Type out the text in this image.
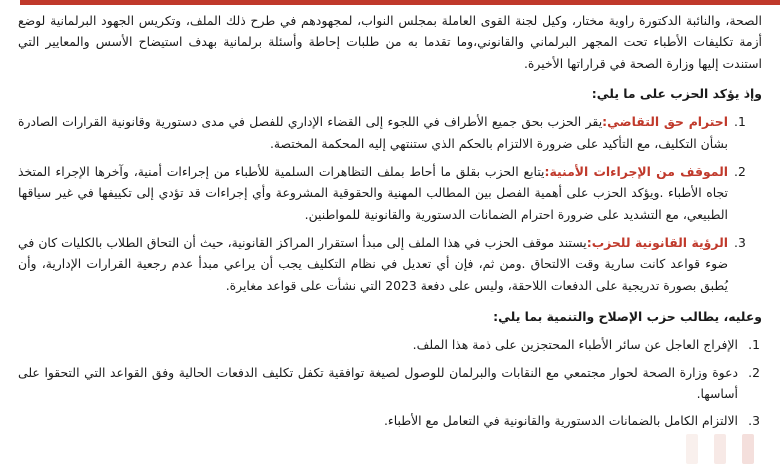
الصحة، والنائبة الدكتورة راوية مختار، وكيل لجنة القوى العاملة بمجلس النواب، لمجهودهم في طرح ذلك الملف، وتكريس الجهود البرلمانية لوضع أزمة تكليفات الأطباء تحت المجهر البرلماني والقانوني،وما تقدما به من طلبات إحاطة وأسئلة برلمانية بهدف استيضاح الأسس والمعايير التي استندت إليها وزارة الصحة في قراراتها الأخيرة.

وإذ يؤكد الحزب على ما يلي:

1.
احترام حق التقاضي:يقر الحزب بحق جميع الأطراف في اللجوء إلى القضاء الإداري للفصل في مدى دستورية وقانونية القرارات الصادرة بشأن التكليف، مع التأكيد على ضرورة الالتزام بالحكم الذي ستنتهي إليه المحكمة المختصة.
2.
الموقف من الإجراءات الأمنية:يتابع الحزب بقلق ما أحاط بملف التظاهرات السلمية للأطباء من إجراءات أمنية، وآخرها الإجراء المتخذ تجاه الأطباء .ويؤكد الحزب على أهمية الفصل بين المطالب المهنية والحقوقية المشروعة وأي إجراءات قد تؤدي إلى تكييفها في غير سياقها الطبيعي، مع التشديد على ضرورة احترام الضمانات الدستورية والقانونية للمواطنين.
3.
الرؤية القانونية للحزب:يستند موقف الحزب في هذا الملف إلى مبدأ استقرار المراكز القانونية، حيث أن التحاق الطلاب بالكليات كان في ضوء قواعد كانت سارية وقت الالتحاق .ومن ثم، فإن أي تعديل في نظام التكليف يجب أن يراعي مبدأ عدم رجعية القرارات الإدارية، وأن يُطبق بصورة تدريجية على الدفعات اللاحقة، وليس على دفعة 2023 التي نشأت على قواعد مغايرة.

وعليه، يطالب حزب الإصلاح والتنمية بما يلي:

1.
الإفراج العاجل عن سائر الأطباء المحتجزين على ذمة هذا الملف.
2.
دعوة وزارة الصحة لحوار مجتمعي مع النقابات والبرلمان للوصول لصيغة توافقية تكفل تكليف الدفعات الحالية وفق القواعد التي التحقوا على أساسها.
3.
الالتزام الكامل بالضمانات الدستورية والقانونية في التعامل مع الأطباء.
